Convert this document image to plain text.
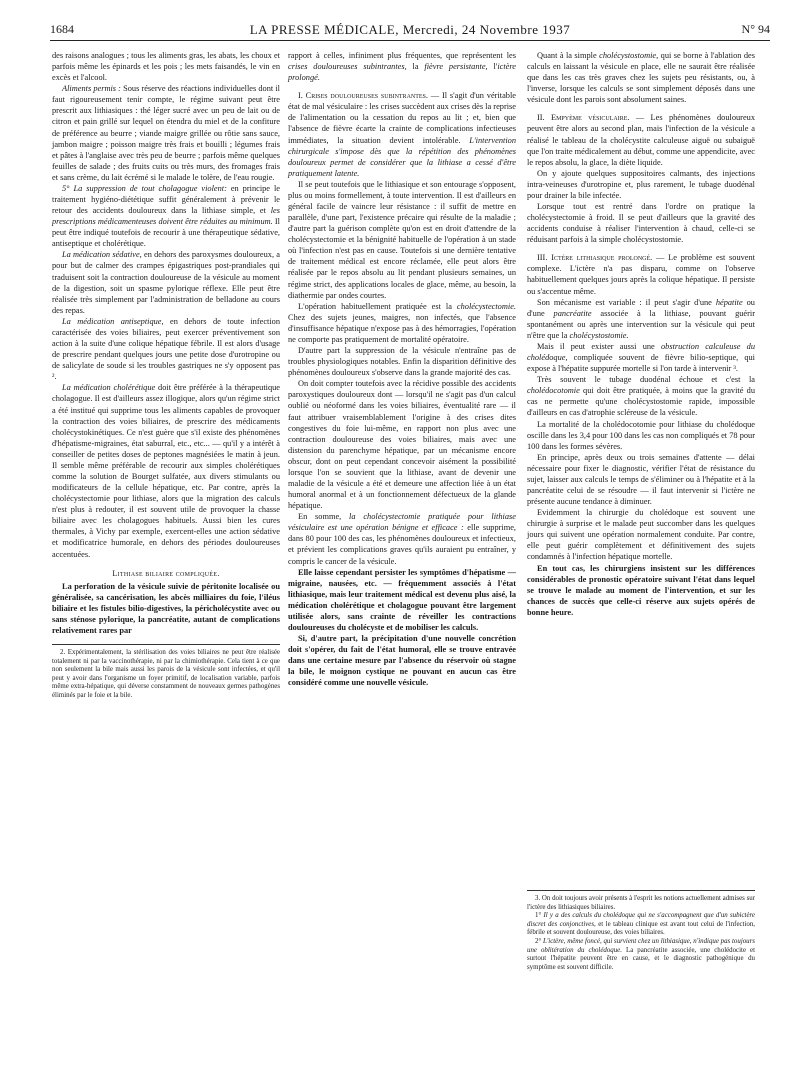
1684	LA PRESSE MÉDICALE, Mercredi, 24 Novembre 1937	N° 94

des raisons analogues ; tous les aliments gras, les abats, les choux et parfois même les épinards et les pois ; les mets faisandés, le vin en excès et l'alcool.

Aliments permis : Sous réserve des réactions individuelles dont il faut rigoureusement tenir compte, le régime suivant peut être prescrit aux lithiasiques : thé léger sucré avec un peu de lait ou de citron et pain grillé sur lequel on étendra du miel et de la confiture de préférence au beurre ; viande maigre grillée ou rôtie sans sauce, jambon maigre ; poisson maigre très frais et bouilli ; légumes frais et pâtes à l'anglaise avec très peu de beurre ; parfois même quelques feuilles de salade ; des fruits cuits ou très murs, des fromages frais et sans crème, du lait écrémé si le malade le tolère, de l'eau rougie.

5° La suppression de tout cholagogue violent: en principe le traitement hygiéno-diététique suffit généralement à prévenir le retour des accidents douloureux dans la lithiase simple, et les prescriptions médicamenteuses doivent être réduites au minimum. Il peut être indiqué toutefois de recourir à une thérapeutique sédative, antiseptique et cholérétique.

La médication sédative, en dehors des paroxysmes douloureux, a pour but de calmer des crampes épigastriques post-prandiales qui traduisent soit la contraction douloureuse de la vésicule au moment de la digestion, soit un spasme pylorique réflexe. Elle peut être réalisée très simplement par l'administration de belladone au cours des repas.

La médication antiseptique, en dehors de toute infection caractérisée des voies biliaires, peut exercer préventivement son action à la suite d'une colique hépatique fébrile. Il est alors d'usage de prescrire pendant quelques jours une petite dose d'urotropine ou de salicylate de soude si les troubles gastriques ne s'y opposent pas ².

La médication cholérétique doit être préférée à la thérapeutique cholagogue. Il est d'ailleurs assez illogique, alors qu'un régime strict a été institué qui supprime tous les aliments capables de provoquer la contraction des voies biliaires, de prescrire des médicaments cholécystokinétiques. Ce n'est guère que s'il existe des phénomènes d'hépatisme-migraines, état saburral, etc., etc... — qu'il y a intérêt à conseiller de petites doses de peptones magnésiées le matin à jeun. Il semble même préférable de recourir aux simples cholérétiques comme la solution de Bourget sulfatée, aux divers stimulants ou modificateurs de la cellule hépatique, etc. Par contre, après la cholécystectomie pour lithiase, alors que la migration des calculs n'est plus à redouter, il est souvent utile de provoquer la chasse biliaire avec les cholagogues habituels. Aussi bien les cures thermales, à Vichy par exemple, exercent-elles une action sédative et modificatrice humorale, en dehors des périodes douloureuses accentuées.

Lithiase biliaire compliquée.

La perforation de la vésicule suivie de péritonite localisée ou généralisée, sa cancérisation, les abcès milliaires du foie, l'iléus biliaire et les fistules bilio-digestives, la péricholécystite avec ou sans sténose pylorique, la pancréatite, autant de complications relativement rares par

2. Expérimentalement, la stérilisation des voies biliaires ne peut être réalisée totalement ni par la vaccinothérapie, ni par la chimiothérapie. Cela tient à ce que non seulement la bile mais aussi les parois de la vésicule sont infectées, et qu'il peut y avoir dans l'organisme un foyer primitif, de localisation variable, parfois même extra-hépatique, qui déverse constamment de nouveaux germes pathogènes éliminés par le foie et la bile.

rapport à celles, infiniment plus fréquentes, que représentent les crises douloureuses subintrantes, la fièvre persistante, l'ictère prolongé.

I. Crises douloureuses subintrantes. — Il s'agit d'un véritable état de mal vésiculaire : les crises succèdent aux crises dès la reprise de l'alimentation ou la cessation du repos au lit ; et, bien que l'absence de fièvre écarte la crainte de complications infectieuses immédiates, la situation devient intolérable. L'intervention chirurgicale s'impose dès que la répétition des phénomènes douloureux permet de considérer que la lithiase a cessé d'être pratiquement latente.

Il se peut toutefois que le lithiasique et son entourage s'opposent, plus ou moins formellement, à toute intervention. Il est d'ailleurs en général facile de vaincre leur résistance : il suffit de mettre en parallèle, d'une part, l'existence précaire qui résulte de la maladie ; d'autre part la guérison complète qu'on est en droit d'attendre de la cholécystectomie et la bénignité habituelle de l'opération à un stade où l'infection n'est pas en cause. Toutefois si une dernière tentative de traitement médical est encore réclamée, elle peut alors être réalisée par le repos absolu au lit pendant plusieurs semaines, un régime strict, des applications locales de glace, même, au besoin, la diathermie par ondes courtes.

L'opération habituellement pratiquée est la cholécystectomie. Chez des sujets jeunes, maigres, non infectés, que l'absence d'insuffisance hépatique n'expose pas à des hémorragies, l'opération ne comporte pas pratiquement de mortalité opératoire.

D'autre part la suppression de la vésicule n'entraîne pas de troubles physiologiques notables. Enfin la disparition définitive des phénomènes douloureux s'observe dans la grande majorité des cas.

On doit compter toutefois avec la récidive possible des accidents paroxystiques douloureux dont — lorsqu'il ne s'agit pas d'un calcul oublié ou néoformé dans les voies biliaires, éventualité rare — il faut attribuer vraisemblablement l'origine à des crises dites congestives du foie lui-même, en rapport non plus avec une contraction douloureuse des voies biliaires, mais avec une distension du parenchyme hépatique, par un mécanisme encore obscur, dont on peut cependant concevoir aisément la possibilité lorsque l'on se souvient que la lithiase, avant de devenir une maladie de la vésicule a été et demeure une affection liée à un état humoral anormal et à un fonctionnement défectueux de la glande hépatique.

En somme, la cholécystectomie pratiquée pour lithiase vésiculaire est une opération bénigne et efficace : elle supprime, dans 80 pour 100 des cas, les phénomènes douloureux et infectieux, et prévient les complications graves qu'ils auraient pu entraîner, y compris le cancer de la vésicule.

Elle laisse cependant persister les symptômes d'hépatisme — migraine, nausées, etc. — fréquemment associés à l'état lithiasique, mais leur traitement médical est devenu plus aisé, la médication cholérétique et cholagogue pouvant être largement utilisée alors, sans crainte de réveiller les contractions douloureuses du cholécyste et de mobiliser les calculs.

Si, d'autre part, la précipitation d'une nouvelle concrétion doit s'opérer, du fait de l'état humoral, elle se trouve entravée dans une certaine mesure par l'absence du réservoir où stagne la bile, le moignon cystique ne pouvant en aucun cas être considéré comme une nouvelle vésicule.

Quant à la simple cholécystostomie, qui se borne à l'ablation des calculs en laissant la vésicule en place, elle ne saurait être réalisée que dans les cas très graves chez les sujets peu résistants, ou, à l'inverse, lorsque les calculs se sont simplement déposés dans une vésicule dont les parois sont absolument saines.

II. Empyème vésiculaire. — Les phénomènes douloureux peuvent être alors au second plan, mais l'infection de la vésicule a réalisé le tableau de la cholécystite calculeuse aiguë ou subaiguë que l'on traite médicalement au début, comme une appendicite, avec le repos absolu, la glace, la diète liquide.

On y ajoute quelques suppositoires calmants, des injections intra-veineuses d'urotropine et, plus rarement, le tubage duodénal pour drainer la bile infectée.

Lorsque tout est rentré dans l'ordre on pratique la cholécystectomie à froid. Il se peut d'ailleurs que la gravité des accidents conduise à réaliser l'intervention à chaud, celle-ci se réduisant parfois à la simple cholécystostomie.

III. Ictère lithiasique prolongé. — Le problème est souvent complexe. L'ictère n'a pas disparu, comme on l'observe habituellement quelques jours après la colique hépatique. Il persiste ou s'accentue même.

Son mécanisme est variable : il peut s'agir d'une hépatite ou d'une pancréatite associée à la lithiase, pouvant guérir spontanément ou après une intervention sur la vésicule qui peut n'être que la cholécystostomie.

Mais il peut exister aussi une obstruction calculeuse du cholédoque, compliquée souvent de fièvre bilio-septique, qui expose à l'hépatite suppurée mortelle si l'on tarde à intervenir ³.

Très souvent le tubage duodénal échoue et c'est la cholédocotomie qui doit être pratiquée, à moins que la gravité du cas ne permette qu'une cholécystostomie rapide, impossible d'ailleurs en cas d'atrophie scléreuse de la vésicule.

La mortalité de la cholédocotomie pour lithiase du cholédoque oscille dans les 3,4 pour 100 dans les cas non compliqués et 78 pour 100 dans les formes sévères.

En principe, après deux ou trois semaines d'attente — délai nécessaire pour fixer le diagnostic, vérifier l'état de résistance du sujet, laisser aux calculs le temps de s'éliminer ou à l'hépatite et à la pancréatite celui de se résoudre — il faut intervenir si l'ictère ne présente aucune tendance à diminuer.

Evidemment la chirurgie du cholédoque est souvent une chirurgie à surprise et le malade peut succomber dans les quelques jours qui suivent une opération normalement conduite. Par contre, elle peut guérir complètement et définitivement des sujets condamnés à l'infection hépatique mortelle.

En tout cas, les chirurgiens insistent sur les différences considérables de pronostic opératoire suivant l'état dans lequel se trouve le malade au moment de l'intervention, et sur les chances de succès que celle-ci réserve aux sujets opérés de bonne heure.

3. On doit toujours avoir présents à l'esprit les notions actuellement admises sur l'ictère des lithiasiques biliaires.

1° Il y a des calculs du cholédoque qui ne s'accompagnent que d'un subictère discret des conjonctives, et le tableau clinique est avant tout celui de l'infection, fébrile et souvent douloureuse, des voies biliaires.

2° L'ictère, même foncé, qui survient chez un lithiasique, n'indique pas toujours une oblitération du cholédoque. La pancréatite associée, une cholédocite et surtout l'hépatite peuvent être en cause, et le diagnostic pathogénique du symptôme est souvent difficile.
